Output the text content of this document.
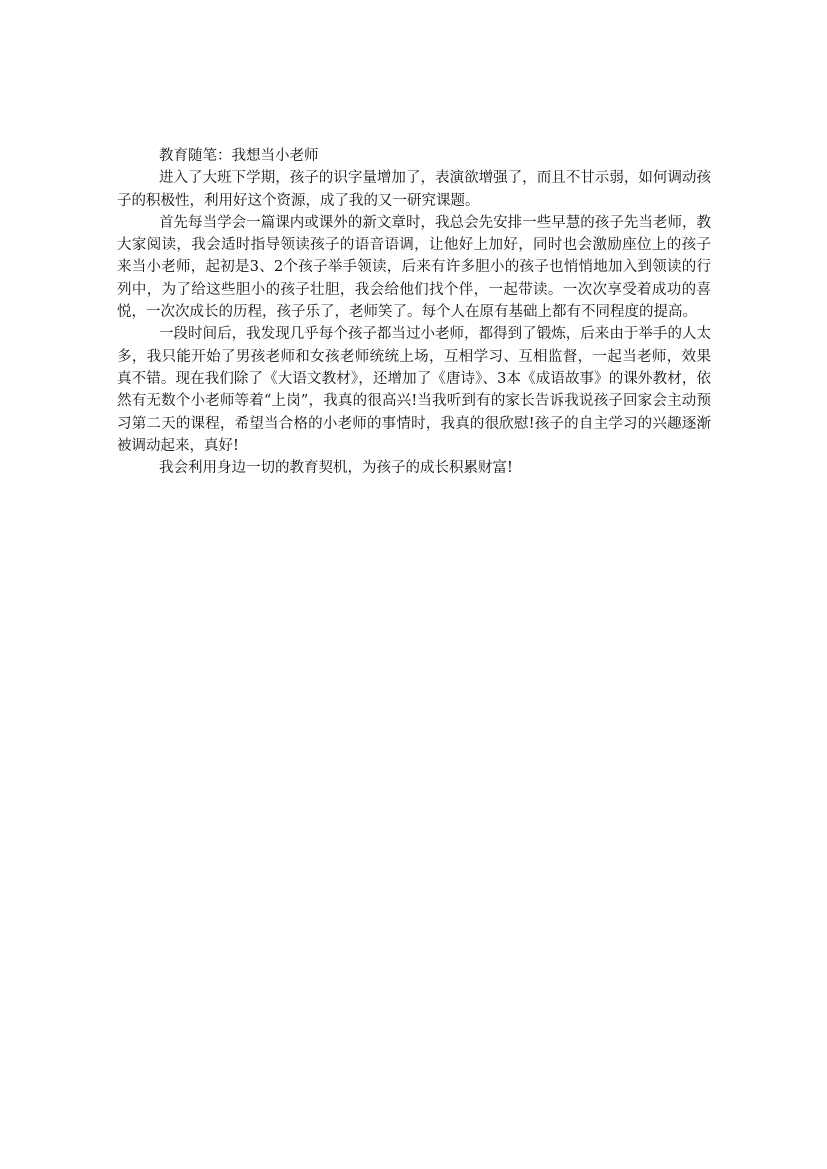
教育随笔：我想当小老师

进入了大班下学期，孩子的识字量增加了，表演欲增强了，而且不甘示弱，如何调动孩子的积极性，利用好这个资源，成了我的又一研究课题。

首先每当学会一篇课内或课外的新文章时，我总会先安排一些早慧的孩子先当老师，教大家阅读，我会适时指导领读孩子的语音语调，让他好上加好，同时也会激励座位上的孩子来当小老师，起初是3、2个孩子举手领读，后来有许多胆小的孩子也悄悄地加入到领读的行列中，为了给这些胆小的孩子壮胆，我会给他们找个伴，一起带读。一次次享受着成功的喜悦，一次次成长的历程，孩子乐了，老师笑了。每个人在原有基础上都有不同程度的提高。

一段时间后，我发现几乎每个孩子都当过小老师，都得到了锻炼，后来由于举手的人太多，我只能开始了男孩老师和女孩老师统统上场，互相学习、互相监督，一起当老师，效果真不错。现在我们除了《大语文教材》，还增加了《唐诗》、3本《成语故事》的课外教材，依然有无数个小老师等着“上岗”，我真的很高兴!当我听到有的家长告诉我说孩子回家会主动预习第二天的课程，希望当合格的小老师的事情时，我真的很欣慰!孩子的自主学习的兴趣逐渐被调动起来，真好!

我会利用身边一切的教育契机，为孩子的成长积累财富!
